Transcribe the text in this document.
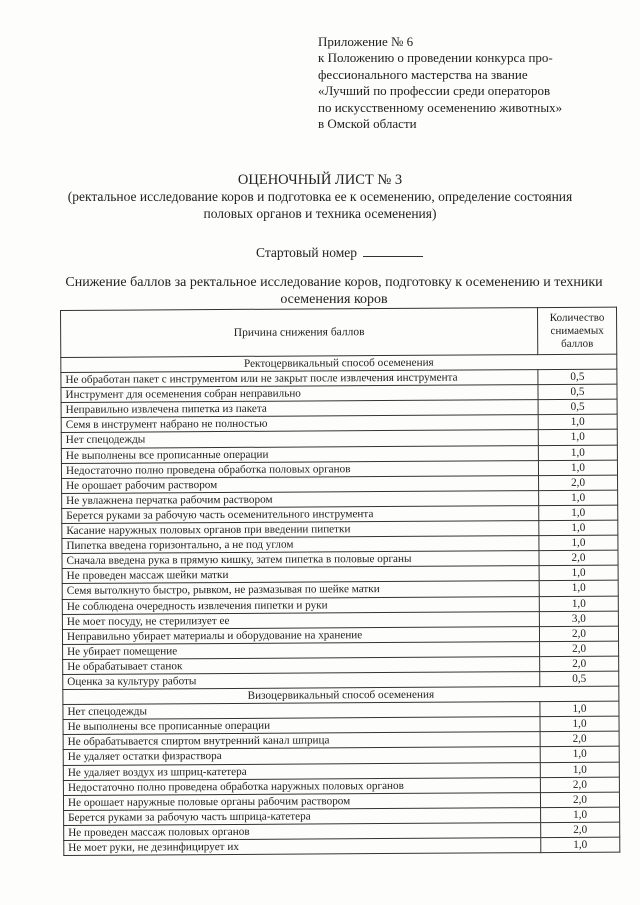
Приложение № 6
к Положению о проведении конкурса про-
фессионального мастерства на звание
«Лучший по профессии среди операторов
по искусственному осеменению животных»
в Омской области
ОЦЕНОЧНЫЙ ЛИСТ № 3
(ректальное исследование коров и подготовка ее к осеменению, определение состояния половых органов и техника осеменения)
Стартовый номер
Снижение баллов за ректальное исследование коров, подготовку к осеменению и техники осеменения коров
Причина снижения баллов	Количество снимаемых баллов
Ректоцервикальный способ осеменения	
Не обработан пакет с инструментом или не закрыт после извлечения инструмента	0,5
Инструмент для осеменения собран неправильно	0,5
Неправильно извлечена пипетка из пакета	0,5
Семя в инструмент набрано не полностью	1,0
Нет спецодежды	1,0
Не выполнены все прописанные операции	1,0
Недостаточно полно проведена обработка половых органов	1,0
Не орошает рабочим раствором	2,0
Не увлажнена перчатка рабочим раствором	1,0
Берется руками за рабочую часть осеменительного инструмента	1,0
Касание наружных половых органов при введении пипетки	1,0
Пипетка введена горизонтально, а не под углом	1,0
Сначала введена рука в прямую кишку, затем пипетка в половые органы	2,0
Не проведен массаж шейки матки	1,0
Семя вытолкнуто быстро, рывком, не размазывая по шейке матки	1,0
Не соблюдена очередность извлечения пипетки и руки	1,0
Не моет посуду, не стерилизует ее	3,0
Неправильно убирает материалы и оборудование на хранение	2,0
Не убирает помещение	2,0
Не обрабатывает станок	2,0
Оценка за культуру работы	0,5
Визоцервикальный способ осеменения	
Нет спецодежды	1,0
Не выполнены все прописанные операции	1,0
Не обрабатывается спиртом внутренний канал шприца	2,0
Не удаляет остатки физраствора	1,0
Не удаляет воздух из шприц-катетера	1,0
Недостаточно полно проведена обработка наружных половых органов	2,0
Не орошает наружные половые органы рабочим раствором	2,0
Берется руками за рабочую часть шприца-катетера	1,0
Не проведен массаж половых органов	2,0
Не моет руки, не дезинфицирует их	1,0
